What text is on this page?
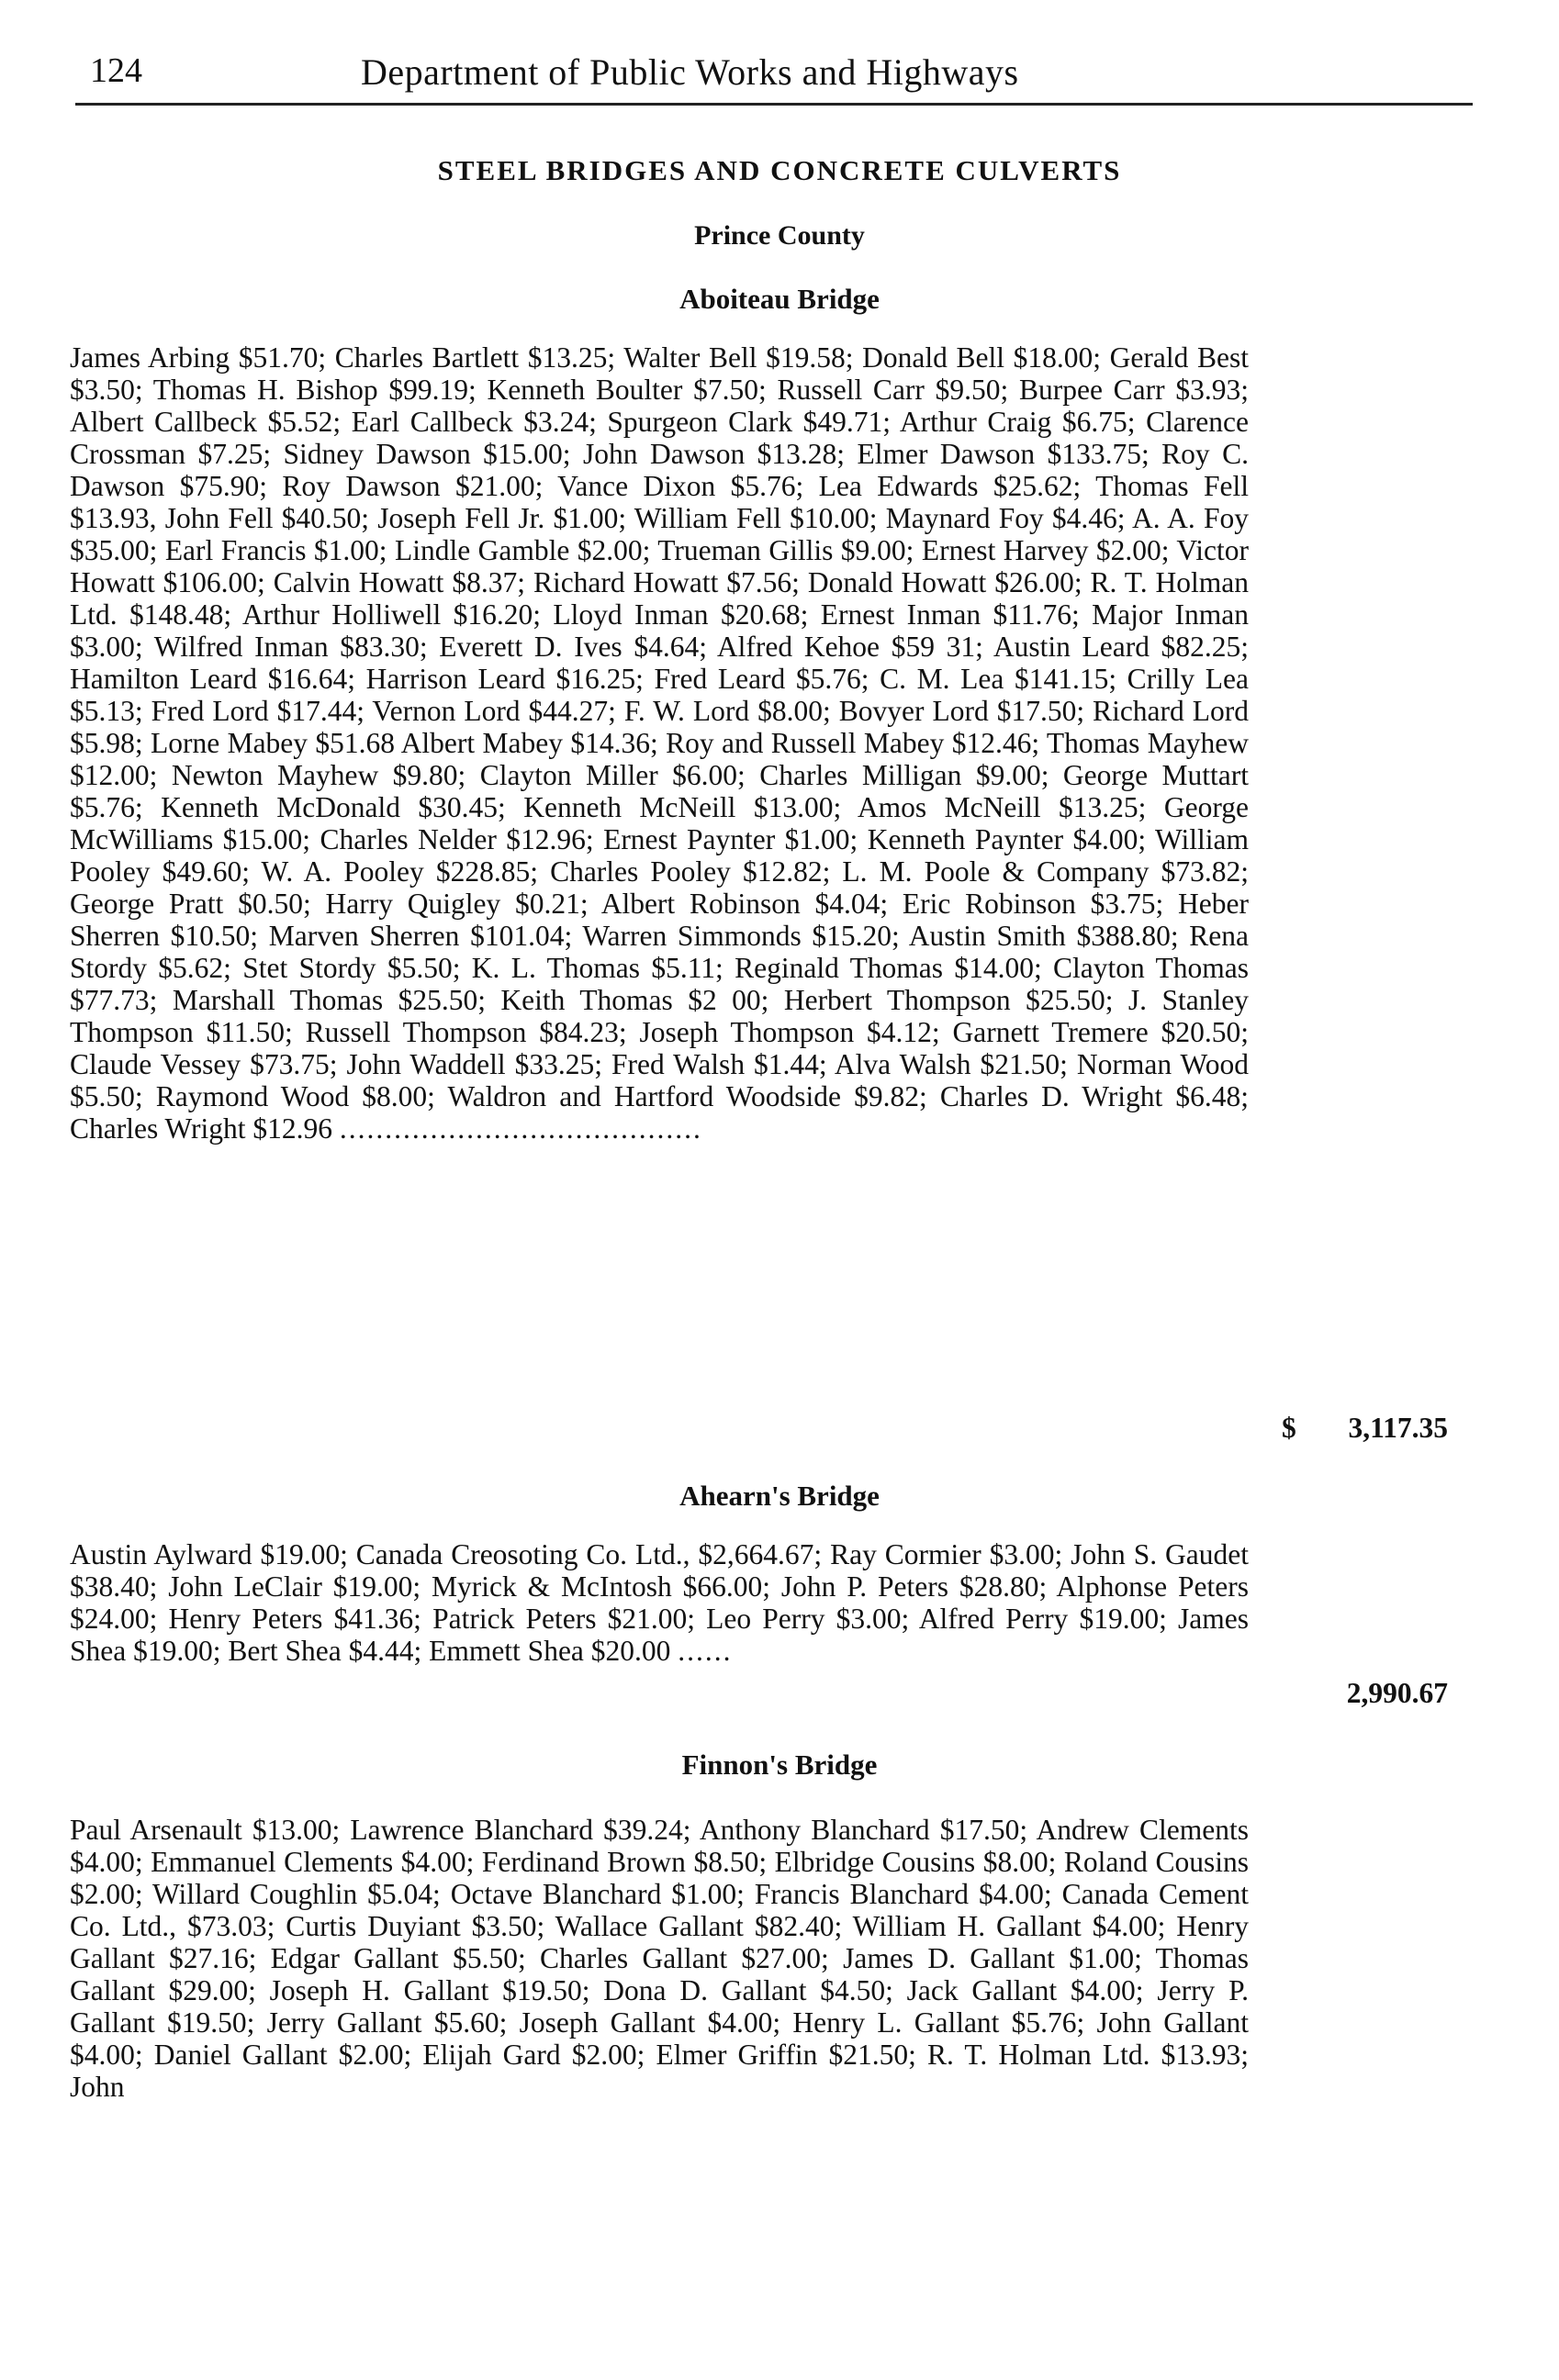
124	Department of Public Works and Highways
STEEL BRIDGES AND CONCRETE CULVERTS
Prince County
Aboiteau Bridge
James Arbing $51.70; Charles Bartlett $13.25; Walter Bell $19.58; Donald Bell $18.00; Gerald Best $3.50; Thomas H. Bishop $99.19; Kenneth Boulter $7.50; Russell Carr $9.50; Burpee Carr $3.93; Albert Callbeck $5.52; Earl Callbeck $3.24; Spurgeon Clark $49.71; Arthur Craig $6.75; Clarence Crossman $7.25; Sidney Dawson $15.00; John Dawson $13.28; Elmer Dawson $133.75; Roy C. Dawson $75.90; Roy Dawson $21.00; Vance Dixon $5.76; Lea Edwards $25.62; Thomas Fell $13.93, John Fell $40.50; Joseph Fell Jr. $1.00; William Fell $10.00; Maynard Foy $4.46; A. A. Foy $35.00; Earl Francis $1.00; Lindle Gamble $2.00; Trueman Gillis $9.00; Ernest Harvey $2.00; Victor Howatt $106.00; Calvin Howatt $8.37; Richard Howatt $7.56; Donald Howatt $26.00; R. T. Holman Ltd. $148.48; Arthur Holliwell $16.20; Lloyd Inman $20.68; Ernest Inman $11.76; Major Inman $3.00; Wilfred Inman $83.30; Everett D. Ives $4.64; Alfred Kehoe $59 31; Austin Leard $82.25; Hamilton Leard $16.64; Harrison Leard $16.25; Fred Leard $5.76; C. M. Lea $141.15; Crilly Lea $5.13; Fred Lord $17.44; Vernon Lord $44.27; F. W. Lord $8.00; Bovyer Lord $17.50; Richard Lord $5.98; Lorne Mabey $51.68 Albert Mabey $14.36; Roy and Russell Mabey $12.46; Thomas Mayhew $12.00; Newton Mayhew $9.80; Clayton Miller $6.00; Charles Milligan $9.00; George Muttart $5.76; Kenneth McDonald $30.45; Kenneth McNeill $13.00; Amos McNeill $13.25; George McWilliams $15.00; Charles Nelder $12.96; Ernest Paynter $1.00; Kenneth Paynter $4.00; William Pooley $49.60; W. A. Pooley $228.85; Charles Pooley $12.82; L. M. Poole & Company $73.82; George Pratt $0.50; Harry Quigley $0.21; Albert Robinson $4.04; Eric Robinson $3.75; Heber Sherren $10.50; Marven Sherren $101.04; Warren Simmonds $15.20; Austin Smith $388.80; Rena Stordy $5.62; Stet Stordy $5.50; K. L. Thomas $5.11; Reginald Thomas $14.00; Clayton Thomas $77.73; Marshall Thomas $25.50; Keith Thomas $2 00; Herbert Thompson $25.50; J. Stanley Thompson $11.50; Russell Thompson $84.23; Joseph Thompson $4.12; Garnett Tremere $20.50; Claude Vessey $73.75; John Waddell $33.25; Fred Walsh $1.44; Alva Walsh $21.50; Norman Wood $5.50; Raymond Wood $8.00; Waldron and Hartford Woodside $9.82; Charles D. Wright $6.48; Charles Wright $12.96 ........................................
$	3,117.35
Ahearn's Bridge
Austin Aylward $19.00; Canada Creosoting Co. Ltd., $2,664.67; Ray Cormier $3.00; John S. Gaudet $38.40; John LeClair $19.00; Myrick & McIntosh $66.00; John P. Peters $28.80; Alphonse Peters $24.00; Henry Peters $41.36; Patrick Peters $21.00; Leo Perry $3.00; Alfred Perry $19.00; James Shea $19.00; Bert Shea $4.44; Emmett Shea $20.00 ......
2,990.67
Finnon's Bridge
Paul Arsenault $13.00; Lawrence Blanchard $39.24; Anthony Blanchard $17.50; Andrew Clements $4.00; Emmanuel Clements $4.00; Ferdinand Brown $8.50; Elbridge Cousins $8.00; Roland Cousins $2.00; Willard Coughlin $5.04; Octave Blanchard $1.00; Francis Blanchard $4.00; Canada Cement Co. Ltd., $73.03; Curtis Duyiant $3.50; Wallace Gallant $82.40; William H. Gallant $4.00; Henry Gallant $27.16; Edgar Gallant $5.50; Charles Gallant $27.00; James D. Gallant $1.00; Thomas Gallant $29.00; Joseph H. Gallant $19.50; Dona D. Gallant $4.50; Jack Gallant $4.00; Jerry P. Gallant $19.50; Jerry Gallant $5.60; Joseph Gallant $4.00; Henry L. Gallant $5.76; John Gallant $4.00; Daniel Gallant $2.00; Elijah Gard $2.00; Elmer Griffin $21.50; R. T. Holman Ltd. $13.93; John
